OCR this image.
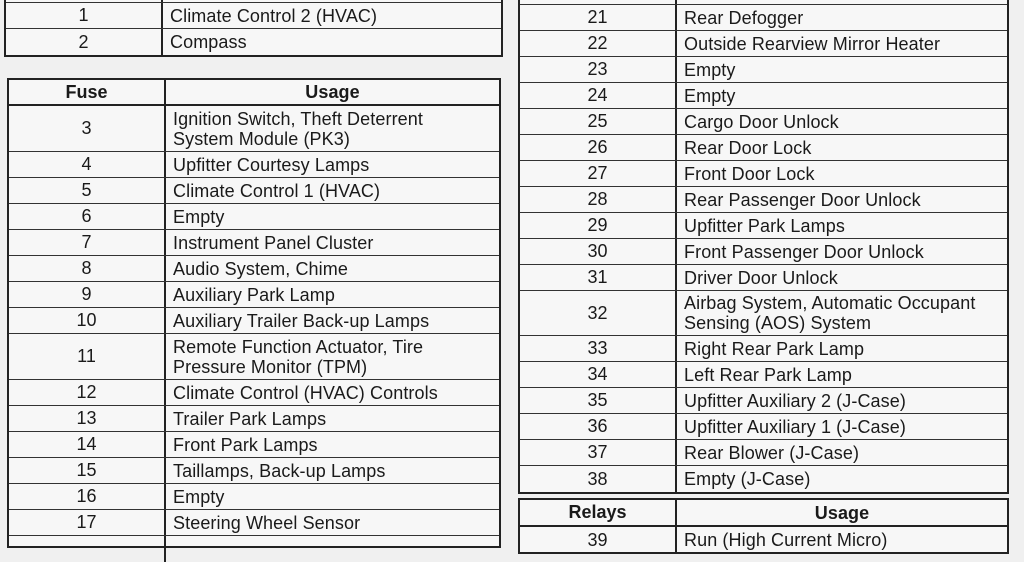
1	Climate Control 2 (HVAC)
2	Compass
Fuse	Usage
3	Ignition Switch, Theft Deterrent System Module (PK3)
4	Upfitter Courtesy Lamps
5	Climate Control 1 (HVAC)
6	Empty
7	Instrument Panel Cluster
8	Audio System, Chime
9	Auxiliary Park Lamp
10	Auxiliary Trailer Back-up Lamps
11	Remote Function Actuator, Tire Pressure Monitor (TPM)
12	Climate Control (HVAC) Controls
13	Trailer Park Lamps
14	Front Park Lamps
15	Taillamps, Back-up Lamps
16	Empty
17	Steering Wheel Sensor
21	Rear Defogger
22	Outside Rearview Mirror Heater
23	Empty
24	Empty
25	Cargo Door Unlock
26	Rear Door Lock
27	Front Door Lock
28	Rear Passenger Door Unlock
29	Upfitter Park Lamps
30	Front Passenger Door Unlock
31	Driver Door Unlock
32	Airbag System, Automatic Occupant Sensing (AOS) System
33	Right Rear Park Lamp
34	Left Rear Park Lamp
35	Upfitter Auxiliary 2 (J-Case)
36	Upfitter Auxiliary 1 (J-Case)
37	Rear Blower (J-Case)
38	Empty (J-Case)
Relays	Usage
39	Run (High Current Micro)
